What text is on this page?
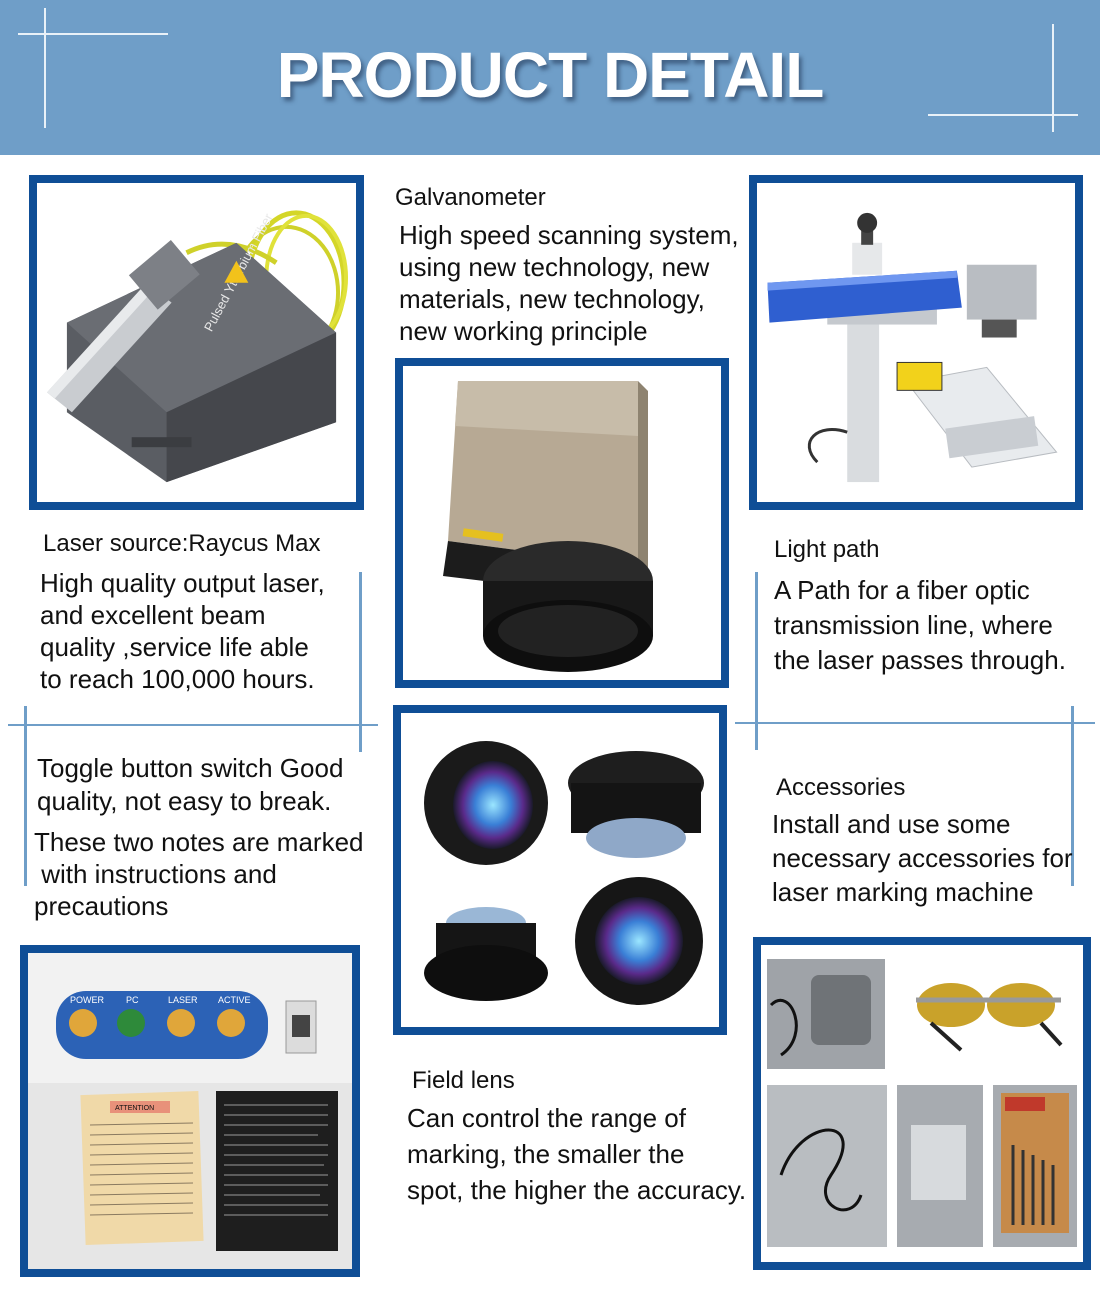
PRODUCT DETAIL
Pulsed Ytterbium Fiber
Galvanometer
High speed scanning system,
using new technology, new
materials, new technology,
new working principle
Laser source:Raycus Max
High quality output laser,
and excellent beam
quality ,service life able
to reach 100,000 hours.
Light path
A Path for a fiber optic
transmission line, where
the laser passes through.
Toggle button switch Good
quality, not easy to break.
These two notes are marked
with instructions and
precautions
Accessories
Install and use some
necessary accessories for
laser marking machine
POWER PC	LASER ACTIVE
ATTENTION
Field lens
Can control the range of
marking, the smaller the
spot, the higher the accuracy.
